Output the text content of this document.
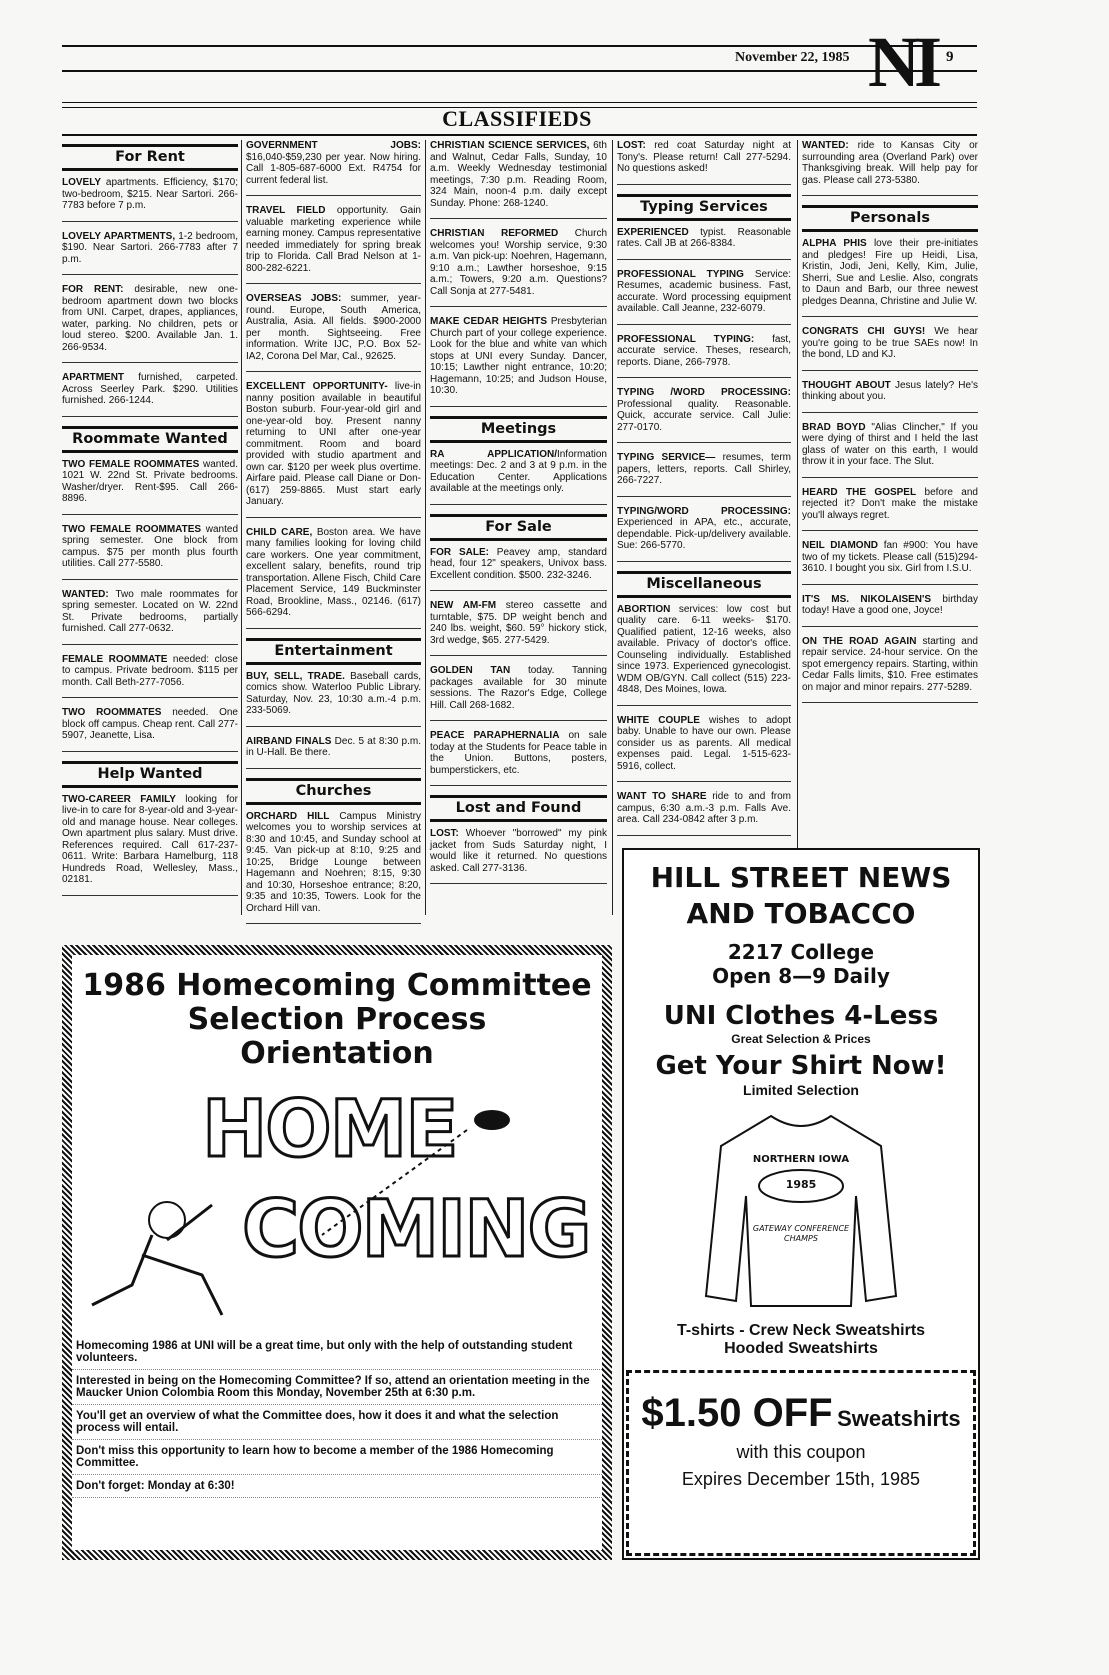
November 22, 1985 NI 9
CLASSIFIEDS
For Rent
LOVELY apartments. Efficiency, $170; two-bedroom, $215. Near Sartori. 266-7783 before 7 p.m.
LOVELY APARTMENTS, 1-2 bedroom, $190. Near Sartori. 266-7783 after 7 p.m.
FOR RENT: desirable, new one-bedroom apartment down two blocks from UNI. Carpet, drapes, appliances, water, parking. No children, pets or loud stereo. $200. Available Jan. 1. 266-9534.
APARTMENT furnished, carpeted. Across Seerley Park. $290. Utilities furnished. 266-1244.
Roommate Wanted
TWO FEMALE ROOMMATES wanted. 1021 W. 22nd St. Private bedrooms. Washer/dryer. Rent-$95. Call 266-8896.
TWO FEMALE ROOMMATES wanted spring semester. One block from campus. $75 per month plus fourth utilities. Call 277-5580.
WANTED: Two male roommates for spring semester. Located on W. 22nd St. Private bedrooms, partially furnished. Call 277-0632.
FEMALE ROOMMATE needed: close to campus. Private bedroom. $115 per month. Call Beth-277-7056.
TWO ROOMMATES needed. One block off campus. Cheap rent. Call 277-5907, Jeanette, Lisa.
Help Wanted
TWO-CAREER FAMILY looking for live-in to care for 8-year-old and 3-year-old and manage house. Near colleges. Own apartment plus salary. Must drive. References required. Call 617-237-0611. Write: Barbara Hamelburg, 118 Hundreds Road, Wellesley, Mass., 02181.
GOVERNMENT JOBS: $16,040-$59,230 per year. Now hiring. Call 1-805-687-6000 Ext. R4754 for current federal list.
TRAVEL FIELD opportunity. Gain valuable marketing experience while earning money. Campus representative needed immediately for spring break trip to Florida. Call Brad Nelson at 1-800-282-6221.
OVERSEAS JOBS: summer, year-round. Europe, South America, Australia, Asia. All fields. $900-2000 per month. Sightseeing. Free information. Write IJC, P.O. Box 52-IA2, Corona Del Mar, Cal., 92625.
EXCELLENT OPPORTUNITY- live-in nanny position available in beautiful Boston suburb. Four-year-old girl and one-year-old boy. Present nanny returning to UNI after one-year commitment. Room and board provided with studio apartment and own car. $120 per week plus overtime. Airfare paid. Please call Diane or Don-(617) 259-8865. Must start early January.
CHILD CARE, Boston area. We have many families looking for loving child care workers. One year commitment, excellent salary, benefits, round trip transportation. Allene Fisch, Child Care Placement Service, 149 Buckminster Road, Brookline, Mass., 02146. (617) 566-6294.
Entertainment
BUY, SELL, TRADE. Baseball cards, comics show. Waterloo Public Library. Saturday, Nov. 23, 10:30 a.m.-4 p.m. 233-5069.
AIRBAND FINALS Dec. 5 at 8:30 p.m. in U-Hall. Be there.
Churches
ORCHARD HILL Campus Ministry welcomes you to worship services at 8:30 and 10:45, and Sunday school at 9:45. Van pick-up at 8:10, 9:25 and 10:25, Bridge Lounge between Hagemann and Noehren; 8:15, 9:30 and 10:30, Horseshoe entrance; 8:20, 9:35 and 10:35, Towers. Look for the Orchard Hill van.
CHRISTIAN SCIENCE SERVICES, 6th and Walnut, Cedar Falls, Sunday, 10 a.m. Weekly Wednesday testimonial meetings, 7:30 p.m. Reading Room, 324 Main, noon-4 p.m. daily except Sunday. Phone: 268-1240.
CHRISTIAN REFORMED Church welcomes you! Worship service, 9:30 a.m. Van pick-up: Noehren, Hagemann, 9:10 a.m.; Lawther horseshoe, 9:15 a.m.; Towers, 9:20 a.m. Questions? Call Sonja at 277-5481.
MAKE CEDAR HEIGHTS Presbyterian Church part of your college experience. Look for the blue and white van which stops at UNI every Sunday. Dancer, 10:15; Lawther night entrance, 10:20; Hagemann, 10:25; and Judson House, 10:30.
Meetings
RA APPLICATION/Information meetings: Dec. 2 and 3 at 9 p.m. in the Education Center. Applications available at the meetings only.
For Sale
FOR SALE: Peavey amp, standard head, four 12" speakers, Univox bass. Excellent condition. $500. 232-3246.
NEW AM-FM stereo cassette and turntable, $75. DP weight bench and 240 lbs. weight, $60. 59° hickory stick, 3rd wedge, $65. 277-5429.
GOLDEN TAN today. Tanning packages available for 30 minute sessions. The Razor's Edge, College Hill. Call 268-1682.
PEACE PARAPHERNALIA on sale today at the Students for Peace table in the Union. Buttons, posters, bumperstickers, etc.
Lost and Found
LOST: Whoever "borrowed" my pink jacket from Suds Saturday night, I would like it returned. No questions asked. Call 277-3136.
LOST: red coat Saturday night at Tony's. Please return! Call 277-5294. No questions asked!
Typing Services
EXPERIENCED typist. Reasonable rates. Call JB at 266-8384.
PROFESSIONAL TYPING Service: Resumes, academic business. Fast, accurate. Word processing equipment available. Call Jeanne, 232-6079.
PROFESSIONAL TYPING: fast, accurate service. Theses, research, reports. Diane, 266-7978.
TYPING /WORD PROCESSING: Professional quality. Reasonable. Quick, accurate service. Call Julie: 277-0170.
TYPING SERVICE— resumes, term papers, letters, reports. Call Shirley, 266-7227.
TYPING/WORD PROCESSING: Experienced in APA, etc., accurate, dependable. Pick-up/delivery available. Sue: 266-5770.
Miscellaneous
ABORTION services: low cost but quality care. 6-11 weeks- $170. Qualified patient, 12-16 weeks, also available. Privacy of doctor's office. Counseling individually. Established since 1973. Experienced gynecologist. WDM OB/GYN. Call collect (515) 223-4848, Des Moines, Iowa.
WHITE COUPLE wishes to adopt baby. Unable to have our own. Please consider us as parents. All medical expenses paid. Legal. 1-515-623-5916, collect.
WANT TO SHARE ride to and from campus, 6:30 a.m.-3 p.m. Falls Ave. area. Call 234-0842 after 3 p.m.
WANTED: ride to Kansas City or surrounding area (Overland Park) over Thanksgiving break. Will help pay for gas. Please call 273-5380.
Personals
ALPHA PHIS love their pre-initiates and pledges! Fire up Heidi, Lisa, Kristin, Jodi, Jeni, Kelly, Kim, Julie, Sherri, Sue and Leslie. Also, congrats to Daun and Barb, our three newest pledges Deanna, Christine and Julie W.
CONGRATS CHI GUYS! We hear you're going to be true SAEs now! In the bond, LD and KJ.
THOUGHT ABOUT Jesus lately? He's thinking about you.
BRAD BOYD "Alias Clincher," If you were dying of thirst and I held the last glass of water on this earth, I would throw it in your face. The Slut.
HEARD THE GOSPEL before and rejected it? Don't make the mistake you'll always regret.
NEIL DIAMOND fan #900: You have two of my tickets. Please call (515)294-3610. I bought you six. Girl from I.S.U.
IT'S MS. NIKOLAISEN'S birthday today! Have a good one, Joyce!
ON THE ROAD AGAIN starting and repair service. 24-hour service. On the spot emergency repairs. Starting, within Cedar Falls limits, $10. Free estimates on major and minor repairs. 277-5289.
1986 Homecoming Committee
Selection Process
Orientation
HOME
COMING

Homecoming 1986 at UNI will be a great time, but only with the help of outstanding student volunteers.

Interested in being on the Homecoming Committee? If so, attend an orientation meeting in the Maucker Union Colombia Room this Monday, November 25th at 6:30 p.m.

You'll get an overview of what the Committee does, how it does it and what the selection process will entail.

Don't miss this opportunity to learn how to become a member of the 1986 Homecoming Committee.

Don't forget: Monday at 6:30!

HILL STREET NEWS
AND TOBACCO
2217 College
Open 8—9 Daily
UNI Clothes 4-Less
Great Selection & Prices
Get Your Shirt Now!
Limited Selection
NORTHERN IOWA
1985
GATEWAY CONFERENCE
CHAMPS
T-shirts - Crew Neck Sweatshirts
Hooded Sweatshirts
$1.50 OFF Sweatshirts
with this coupon
Expires December 15th, 1985
